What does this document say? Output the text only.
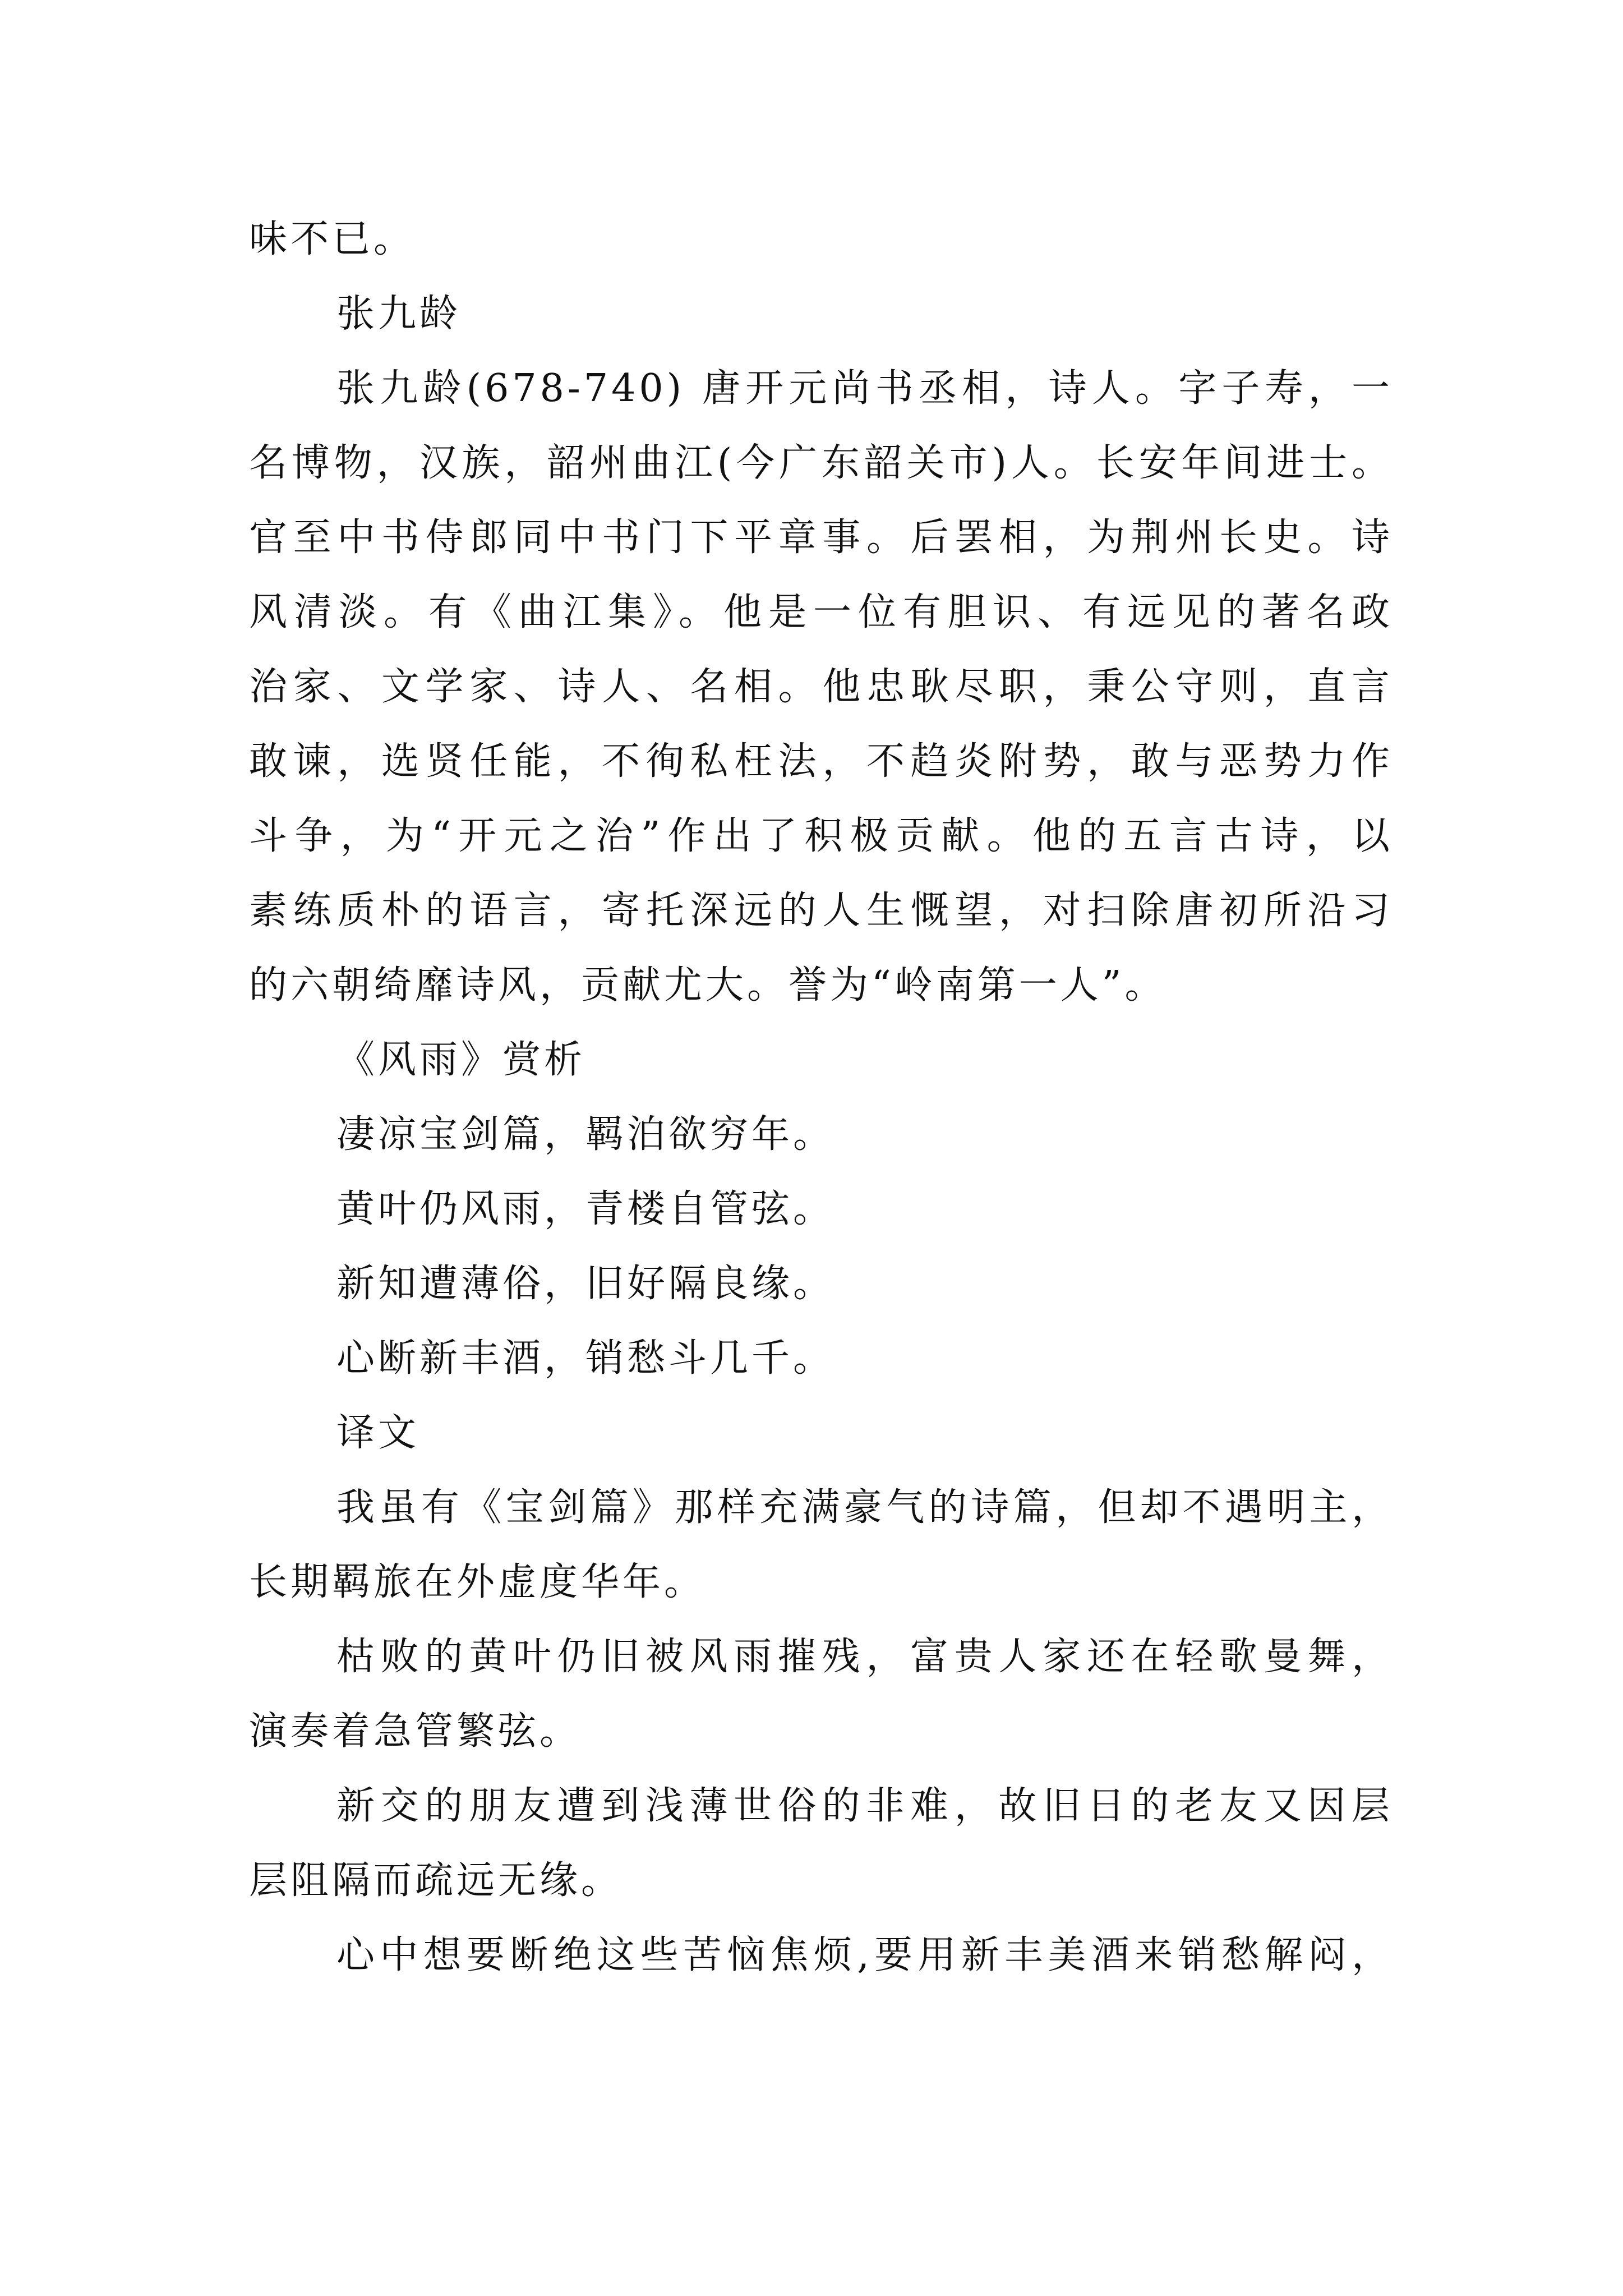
味不已。
张九龄
张九龄(678-740) 唐开元尚书丞相，诗人。字子寿，一
名博物，汉族，韶州曲江(今广东韶关市)人。长安年间进士。
官至中书侍郎同中书门下平章事。后罢相，为荆州长史。诗
风清淡。有《曲江集》。他是一位有胆识、有远见的著名政
治家、文学家、诗人、名相。他忠耿尽职，秉公守则，直言
敢谏，选贤任能，不徇私枉法，不趋炎附势，敢与恶势力作
斗争，为“开元之治”作出了积极贡献。他的五言古诗，以
素练质朴的语言，寄托深远的人生慨望，对扫除唐初所沿习
的六朝绮靡诗风，贡献尤大。誉为“岭南第一人”。
《风雨》赏析
凄凉宝剑篇，羁泊欲穷年。
黄叶仍风雨，青楼自管弦。
新知遭薄俗，旧好隔良缘。
心断新丰酒，销愁斗几千。
译文
我虽有《宝剑篇》那样充满豪气的诗篇，但却不遇明主，
长期羁旅在外虚度华年。
枯败的黄叶仍旧被风雨摧残，富贵人家还在轻歌曼舞，
演奏着急管繁弦。
新交的朋友遭到浅薄世俗的非难，故旧日的老友又因层
层阻隔而疏远无缘。
心中想要断绝这些苦恼焦烦,要用新丰美酒来销愁解闷，
